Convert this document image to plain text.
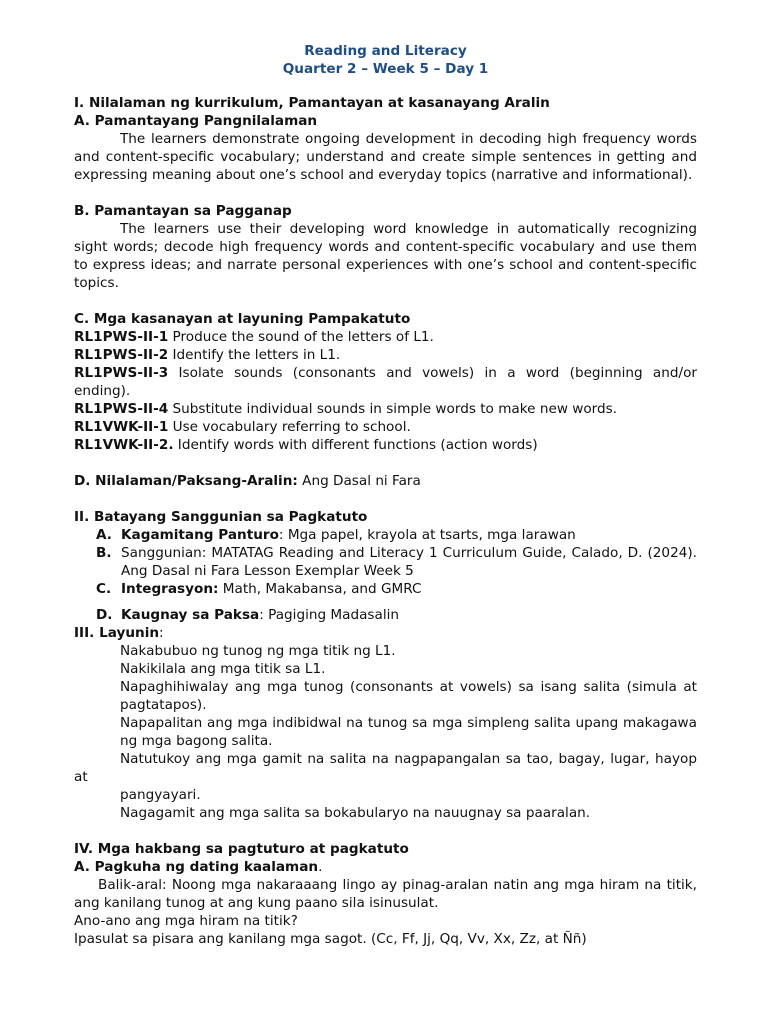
Reading and Literacy
Quarter 2 – Week 5 – Day 1

I. Nilalaman ng kurrikulum, Pamantayan at kasanayang Aralin

A. Pamantayang Pangnilalaman

The learners demonstrate ongoing development in decoding high frequency words and content-specific vocabulary; understand and create simple sentences in getting and expressing meaning about one’s school and everyday topics (narrative and informational).

B. Pamantayan sa Pagganap

The learners use their developing word knowledge in automatically recognizing sight words; decode high frequency words and content-specific vocabulary and use them to express ideas; and narrate personal experiences with one’s school and content-specific topics.

C. Mga kasanayan at layuning Pampakatuto

RL1PWS-II-1 Produce the sound of the letters of L1.

RL1PWS-II-2 Identify the letters in L1.

RL1PWS-II-3 Isolate sounds (consonants and vowels) in a word (beginning and/or ending).

RL1PWS-II-4 Substitute individual sounds in simple words to make new words.

RL1VWK-II-1 Use vocabulary referring to school.

RL1VWK-II-2. Identify words with different functions (action words)

D. Nilalaman/Paksang-Aralin: Ang Dasal ni Fara

II. Batayang Sanggunian sa Pagkatuto

A. Kagamitang Panturo: Mga papel, krayola at tsarts, mga larawan
B. Sanggunian: MATATAG Reading and Literacy 1 Curriculum Guide, Calado, D. (2024). Ang Dasal ni Fara Lesson Exemplar Week 5
C. Integrasyon: Math, Makabansa, and GMRC
D. Kaugnay sa Paksa: Pagiging Madasalin

III. Layunin:

Nakabubuo ng tunog ng mga titik ng L1.

Nakikilala ang mga titik sa L1.

Napaghihiwalay ang mga tunog (consonants at vowels) sa isang salita (simula at pagtatapos).

Napapalitan ang mga indibidwal na tunog sa mga simpleng salita upang makagawa ng mga bagong salita.

Natutukoy ang mga gamit na salita na nagpapangalan sa tao, bagay, lugar, hayop at

pangyayari.

Nagagamit ang mga salita sa bokabularyo na nauugnay sa paaralan.

IV. Mga hakbang sa pagtuturo at pagkatuto

A. Pagkuha ng dating kaalaman.

Balik-aral: Noong mga nakaraaang lingo ay pinag-aralan natin ang mga hiram na titik, ang kanilang tunog at ang kung paano sila isinusulat.

Ano-ano ang mga hiram na titik?

Ipasulat sa pisara ang kanilang mga sagot. (Cc, Ff, Jj, Qq, Vv, Xx, Zz, at Ññ)
